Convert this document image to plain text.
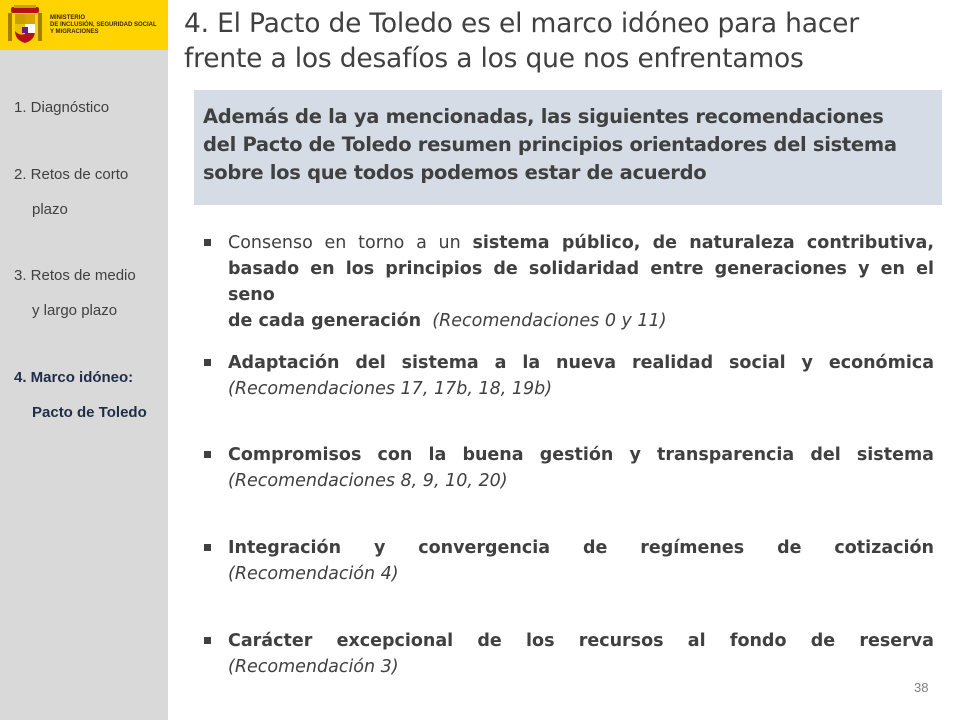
MINISTERIO
DE INCLUSIÓN, SEGURIDAD SOCIAL
Y MIGRACIONES
1. Diagnóstico
2. Retos de corto
plazo
3. Retos de medio
y largo plazo
4. Marco idóneo:
Pacto de Toledo
4. El Pacto de Toledo es el marco idóneo para hacer
frente a los desafíos a los que nos enfrentamos
Además de la ya mencionadas, las siguientes recomendaciones
del Pacto de Toledo resumen principios orientadores del sistema
sobre los que todos podemos estar de acuerdo
Consenso en torno a un sistema público, de naturaleza contributiva,
basado en los principios de solidaridad entre generaciones y en el seno
de cada generación (Recomendaciones 0 y 11)
Adaptación del sistema a la nueva realidad social y económica
(Recomendaciones 17, 17b, 18, 19b)
Compromisos con la buena gestión y transparencia del sistema
(Recomendaciones 8, 9, 10, 20)
Integración y convergencia de regímenes de cotización
(Recomendación 4)
Carácter excepcional de los recursos al fondo de reserva
(Recomendación 3)
38
